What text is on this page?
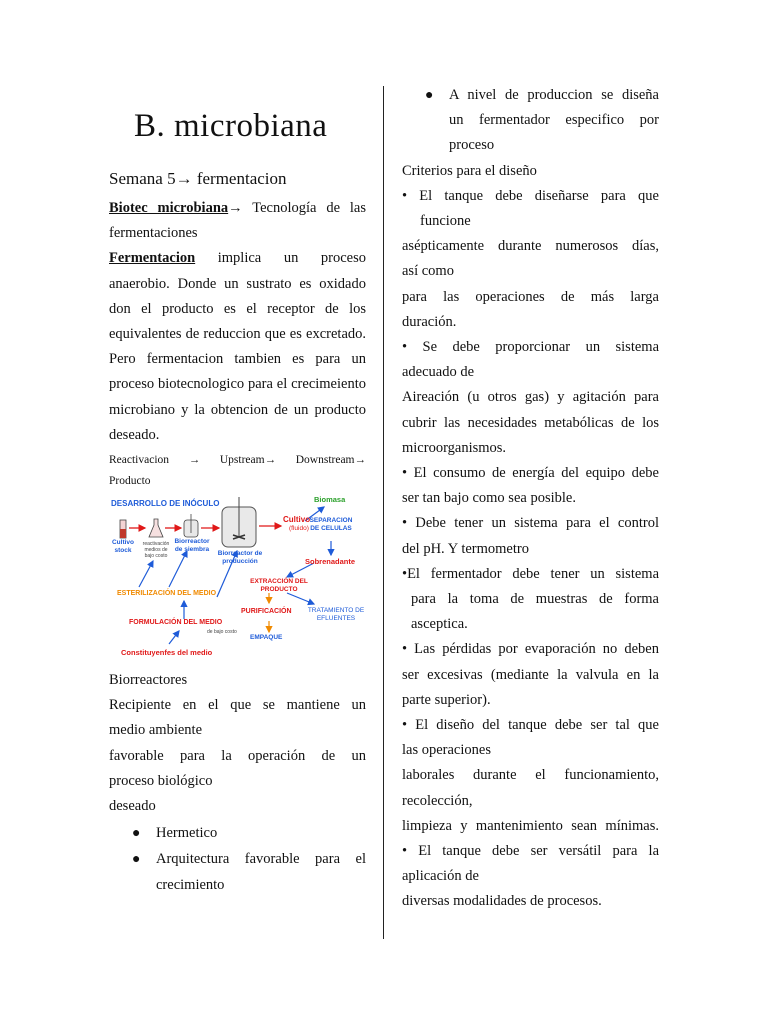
B. microbiana
Semana 5→ fermentacion

Biotec microbiana→ Tecnología de las fermentaciones

Fermentacion implica un proceso anaerobio. Donde un sustrato es oxidado don el producto es el receptor de los equivalentes de reduccion que es excretado. Pero fermentacion tambien es para un proceso biotecnologico para el crecimeiento microbiano y la obtencion de un producto deseado.

Reactivacion → Upstream→ Downstream→
Producto
DESARROLLO DE INÓCULO
Cultivo stock
reactivación medios de bajo costo
Biorreactor de siembra
Biorreactor de producción
Cultivo
(fluido)
Biomasa
SEPARACION DE CELULAS
Sobrenadante
EXTRACCIÓN DEL PRODUCTO
ESTERILIZACIÓN DEL MEDIO
FORMULACIÓN DEL MEDIO
de bajo costo
PURIFICACIÓN	TRATAMIENTO DE EFLUENTES
EMPAQUE
Constituyenfes del medio
Biorreactores
Recipiente en el que se mantiene un
medio ambiente
favorable para la operación de un
proceso biológico
deseado
● Hermetico
● Arquitectura favorable para el
crecimiento
● A nivel de produccion se diseña
un fermentador especifico por
proceso
Criterios para el diseño
• El tanque debe diseñarse para que
funcione
asépticamente durante numerosos días,
así como
para las operaciones de más larga
duración.
• Se debe proporcionar un sistema
adecuado de
Aireación (u otros gas) y agitación para
cubrir las necesidades metabólicas de los
microorganismos.
• El consumo de energía del equipo debe
ser tan bajo como sea posible.
• Debe tener un sistema para el control
del pH. Y termometro
•El fermentador debe tener un sistema
para la toma de muestras de forma
asceptica.
• Las pérdidas por evaporación no deben
ser excesivas (mediante la valvula en la
parte superior).
• El diseño del tanque debe ser tal que
las operaciones
laborales durante el funcionamiento,
recolección,
limpieza y mantenimiento sean mínimas.
• El tanque debe ser versátil para la
aplicación de
diversas modalidades de procesos.
